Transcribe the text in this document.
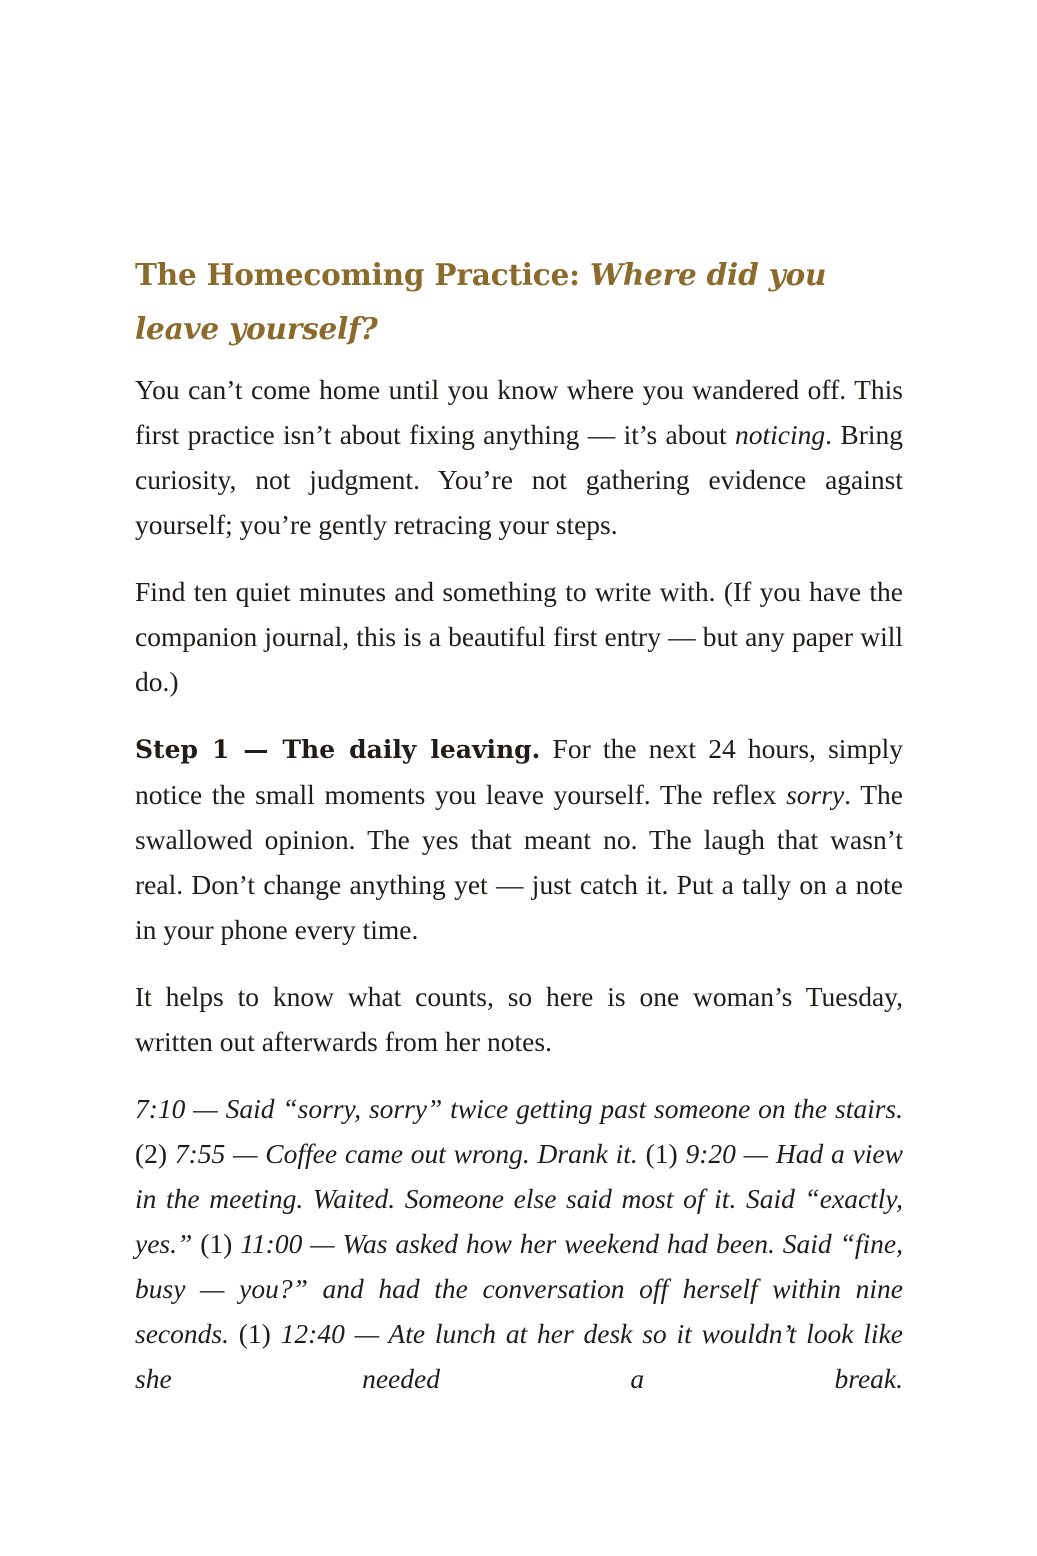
The Homecoming Practice: Where did you leave yourself?

You can’t come home until you know where you wandered off. This first practice isn’t about fixing anything — it’s about noticing. Bring curiosity, not judgment. You’re not gathering evidence against yourself; you’re gently retracing your steps.

Find ten quiet minutes and something to write with. (If you have the companion journal, this is a beautiful first entry — but any paper will do.)

Step 1 — The daily leaving. For the next 24 hours, simply notice the small moments you leave yourself. The reflex sorry. The swallowed opinion. The yes that meant no. The laugh that wasn’t real. Don’t change anything yet — just catch it. Put a tally on a note in your phone every time.

It helps to know what counts, so here is one woman’s Tuesday, written out afterwards from her notes.

7:10 — Said “sorry, sorry” twice getting past someone on the stairs. (2) 7:55 — Coffee came out wrong. Drank it. (1) 9:20 — Had a view in the meeting. Waited. Someone else said most of it. Said “exactly, yes.” (1) 11:00 — Was asked how her weekend had been. Said “fine, busy — you?” and had the conversation off herself within nine seconds. (1) 12:40 — Ate lunch at her desk so it wouldn’t look like she needed a break.
